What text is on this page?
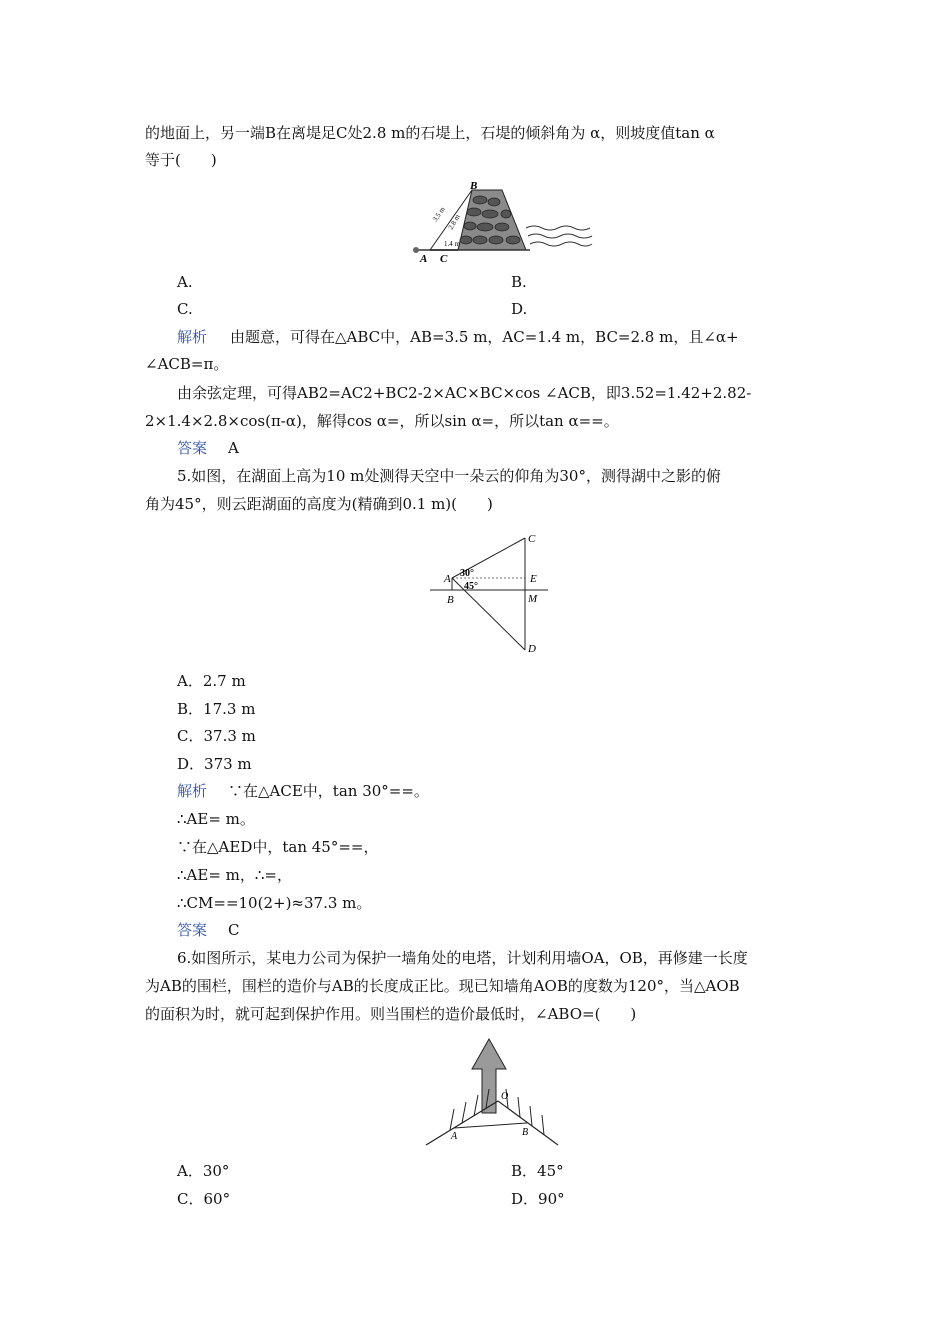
的地面上，另一端B在离堤足C处2.8 m的石堤上，石堤的倾斜角为 α，则坡度值tan α
等于(　　)
3.5 m 2.8 m
1.4 m
B
A C
A.	B.
C.	D.
解析 由题意，可得在△ABC中，AB=3.5 m，AC=1.4 m，BC=2.8 m，且∠α+
∠ACB=π。
由余弦定理，可得AB2=AC2+BC2-2×AC×BC×cos ∠ACB，即3.52=1.42+2.82-
2×1.4×2.8×cos(π-α)，解得cos α=，所以sin α=，所以tan α==。
答案 A
5.如图，在湖面上高为10 m处测得天空中一朵云的仰角为30°，测得湖中之影的俯
角为45°，则云距湖面的高度为(精确到0.1 m)(　　)
C
A	E
B	M
D
30°
45°
A．2.7 m
B．17.3 m
C．37.3 m
D．373 m
解析 ∵在△ACE中，tan 30°==。
∴AE= m。
∵在△AED中，tan 45°==，
∴AE= m，∴=，
∴CM==10(2+)≈37.3 m。
答案 C
6.如图所示，某电力公司为保护一墙角处的电塔，计划利用墙OA，OB，再修建一长度
为AB的围栏，围栏的造价与AB的长度成正比。现已知墙角AOB的度数为120°，当△AOB
的面积为时，就可起到保护作用。则当围栏的造价最低时，∠ABO=(　　)
O
A	B
A．30°	B．45°
C．60°	D．90°
